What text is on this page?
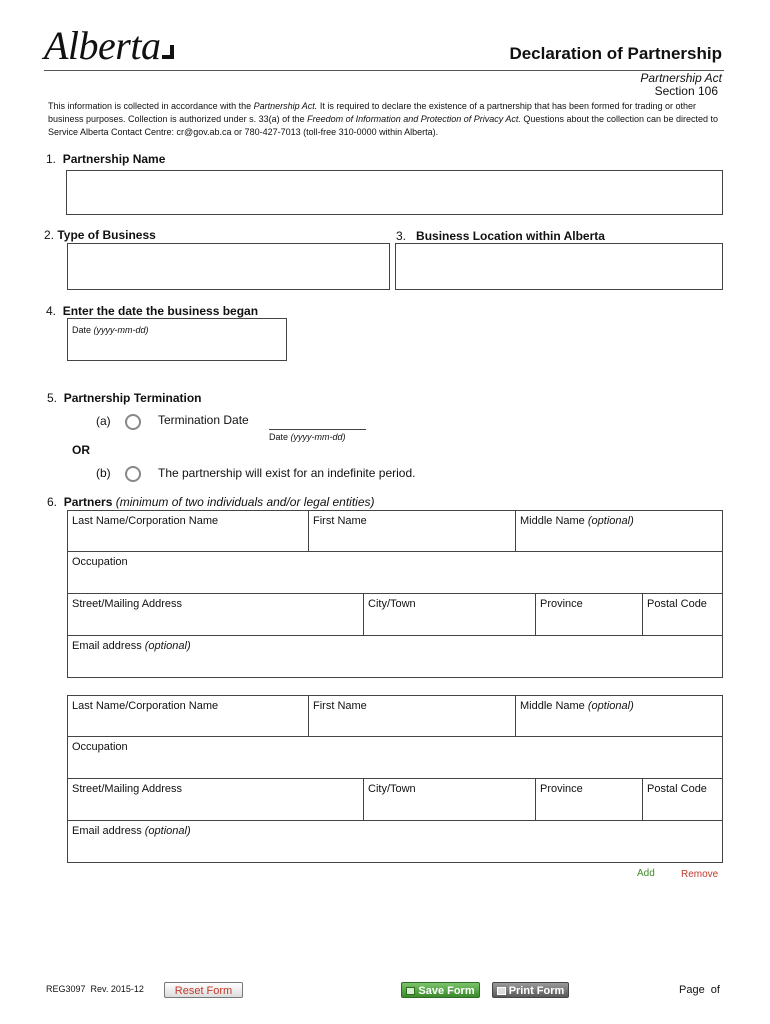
Alberta	Declaration of Partnership
Partnership Act
Section 106
This information is collected in accordance with the Partnership Act. It is required to declare the existence of a partnership that has been formed for trading or other business purposes. Collection is authorized under s. 33(a) of the Freedom of Information and Protection of Privacy Act. Questions about the collection can be directed to Service Alberta Contact Centre: cr@gov.ab.ca or 780-427-7013 (toll-free 310-0000 within Alberta).
1. Partnership Name
2. Type of Business	3. Business Location within Alberta
4. Enter the date the business began
Date (yyyy-mm-dd)
5. Partnership Termination
(a)	Termination Date
Date (yyyy-mm-dd)
OR
(b)	The partnership will exist for an indefinite period.
6. Partners (minimum of two individuals and/or legal entities)
Last Name/Corporation Name	First Name	Middle Name (optional)
Occupation
Street/Mailing Address	City/Town	Province	Postal Code
Email address (optional)
Last Name/Corporation Name	First Name	Middle Name (optional)
Occupation
Street/Mailing Address	City/Town	Province	Postal Code
Email address (optional)
Add	Remove
REG3097  Rev. 2015-12	Reset Form	Save Form	Print Form	Page  of
